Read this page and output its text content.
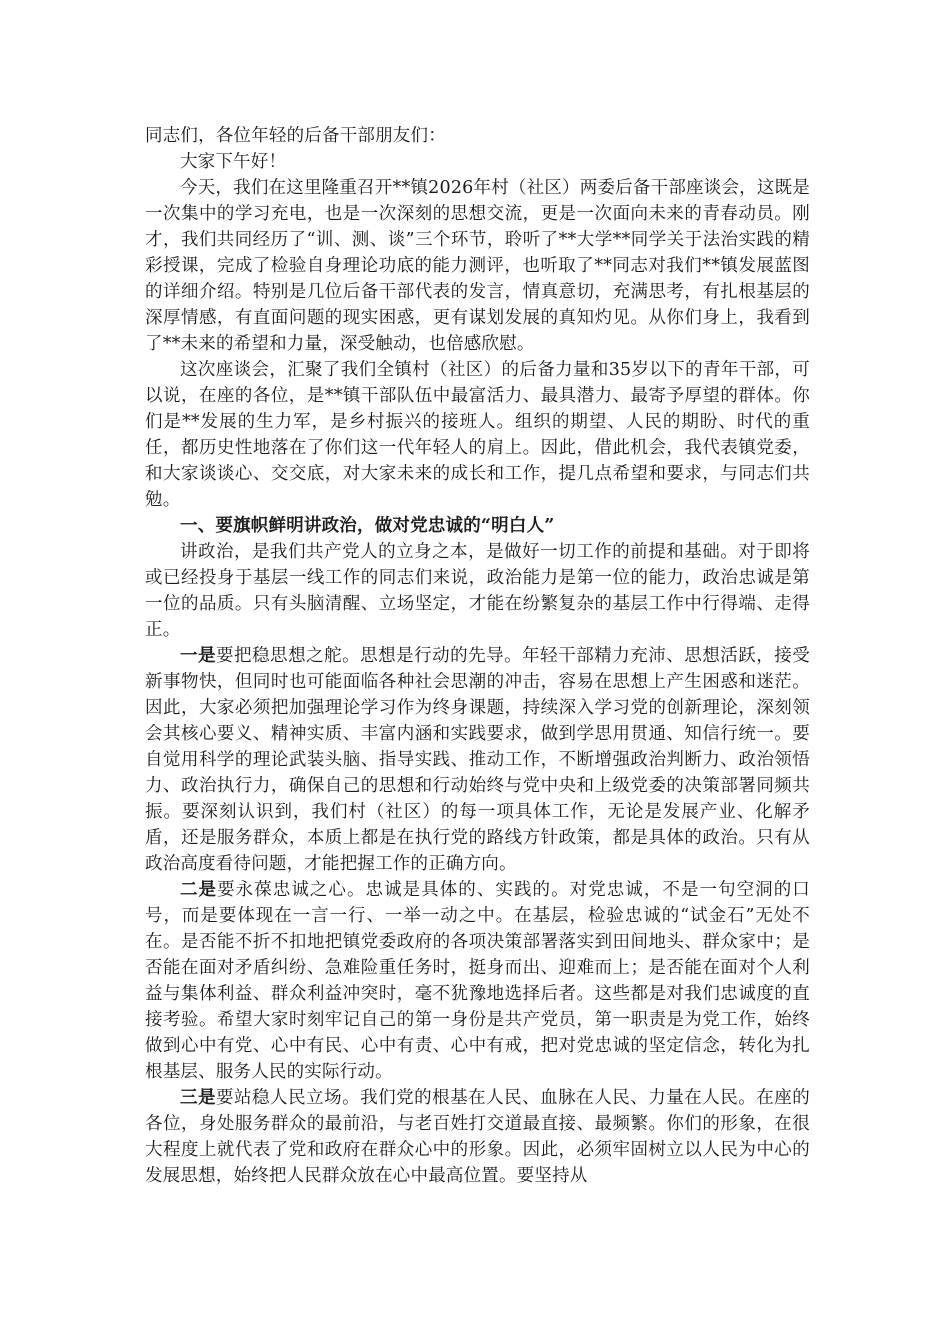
同志们，各位年轻的后备干部朋友们：

大家下午好！

今天，我们在这里隆重召开**镇2026年村（社区）两委后备干部座谈会，这既是一次集中的学习充电，也是一次深刻的思想交流，更是一次面向未来的青春动员。刚才，我们共同经历了“训、测、谈”三个环节，聆听了**大学**同学关于法治实践的精彩授课，完成了检验自身理论功底的能力测评，也听取了**同志对我们**镇发展蓝图的详细介绍。特别是几位后备干部代表的发言，情真意切，充满思考，有扎根基层的深厚情感，有直面问题的现实困惑，更有谋划发展的真知灼见。从你们身上，我看到了**未来的希望和力量，深受触动，也倍感欣慰。

这次座谈会，汇聚了我们全镇村（社区）的后备力量和35岁以下的青年干部，可以说，在座的各位，是**镇干部队伍中最富活力、最具潜力、最寄予厚望的群体。你们是**发展的生力军，是乡村振兴的接班人。组织的期望、人民的期盼、时代的重任，都历史性地落在了你们这一代年轻人的肩上。因此，借此机会，我代表镇党委，和大家谈谈心、交交底，对大家未来的成长和工作，提几点希望和要求，与同志们共勉。

一、要旗帜鲜明讲政治，做对党忠诚的“明白人”

讲政治，是我们共产党人的立身之本，是做好一切工作的前提和基础。对于即将或已经投身于基层一线工作的同志们来说，政治能力是第一位的能力，政治忠诚是第一位的品质。只有头脑清醒、立场坚定，才能在纷繁复杂的基层工作中行得端、走得正。

一是要把稳思想之舵。思想是行动的先导。年轻干部精力充沛、思想活跃，接受新事物快，但同时也可能面临各种社会思潮的冲击，容易在思想上产生困惑和迷茫。因此，大家必须把加强理论学习作为终身课题，持续深入学习党的创新理论，深刻领会其核心要义、精神实质、丰富内涵和实践要求，做到学思用贯通、知信行统一。要自觉用科学的理论武装头脑、指导实践、推动工作，不断增强政治判断力、政治领悟力、政治执行力，确保自己的思想和行动始终与党中央和上级党委的决策部署同频共振。要深刻认识到，我们村（社区）的每一项具体工作，无论是发展产业、化解矛盾，还是服务群众，本质上都是在执行党的路线方针政策，都是具体的政治。只有从政治高度看待问题，才能把握工作的正确方向。

二是要永葆忠诚之心。忠诚是具体的、实践的。对党忠诚，不是一句空洞的口号，而是要体现在一言一行、一举一动之中。在基层，检验忠诚的“试金石”无处不在。是否能不折不扣地把镇党委政府的各项决策部署落实到田间地头、群众家中；是否能在面对矛盾纠纷、急难险重任务时，挺身而出、迎难而上；是否能在面对个人利益与集体利益、群众利益冲突时，毫不犹豫地选择后者。这些都是对我们忠诚度的直接考验。希望大家时刻牢记自己的第一身份是共产党员，第一职责是为党工作，始终做到心中有党、心中有民、心中有责、心中有戒，把对党忠诚的坚定信念，转化为扎根基层、服务人民的实际行动。

三是要站稳人民立场。我们党的根基在人民、血脉在人民、力量在人民。在座的各位，身处服务群众的最前沿，与老百姓打交道最直接、最频繁。你们的形象，在很大程度上就代表了党和政府在群众心中的形象。因此，必须牢固树立以人民为中心的发展思想，始终把人民群众放在心中最高位置。要坚持从
